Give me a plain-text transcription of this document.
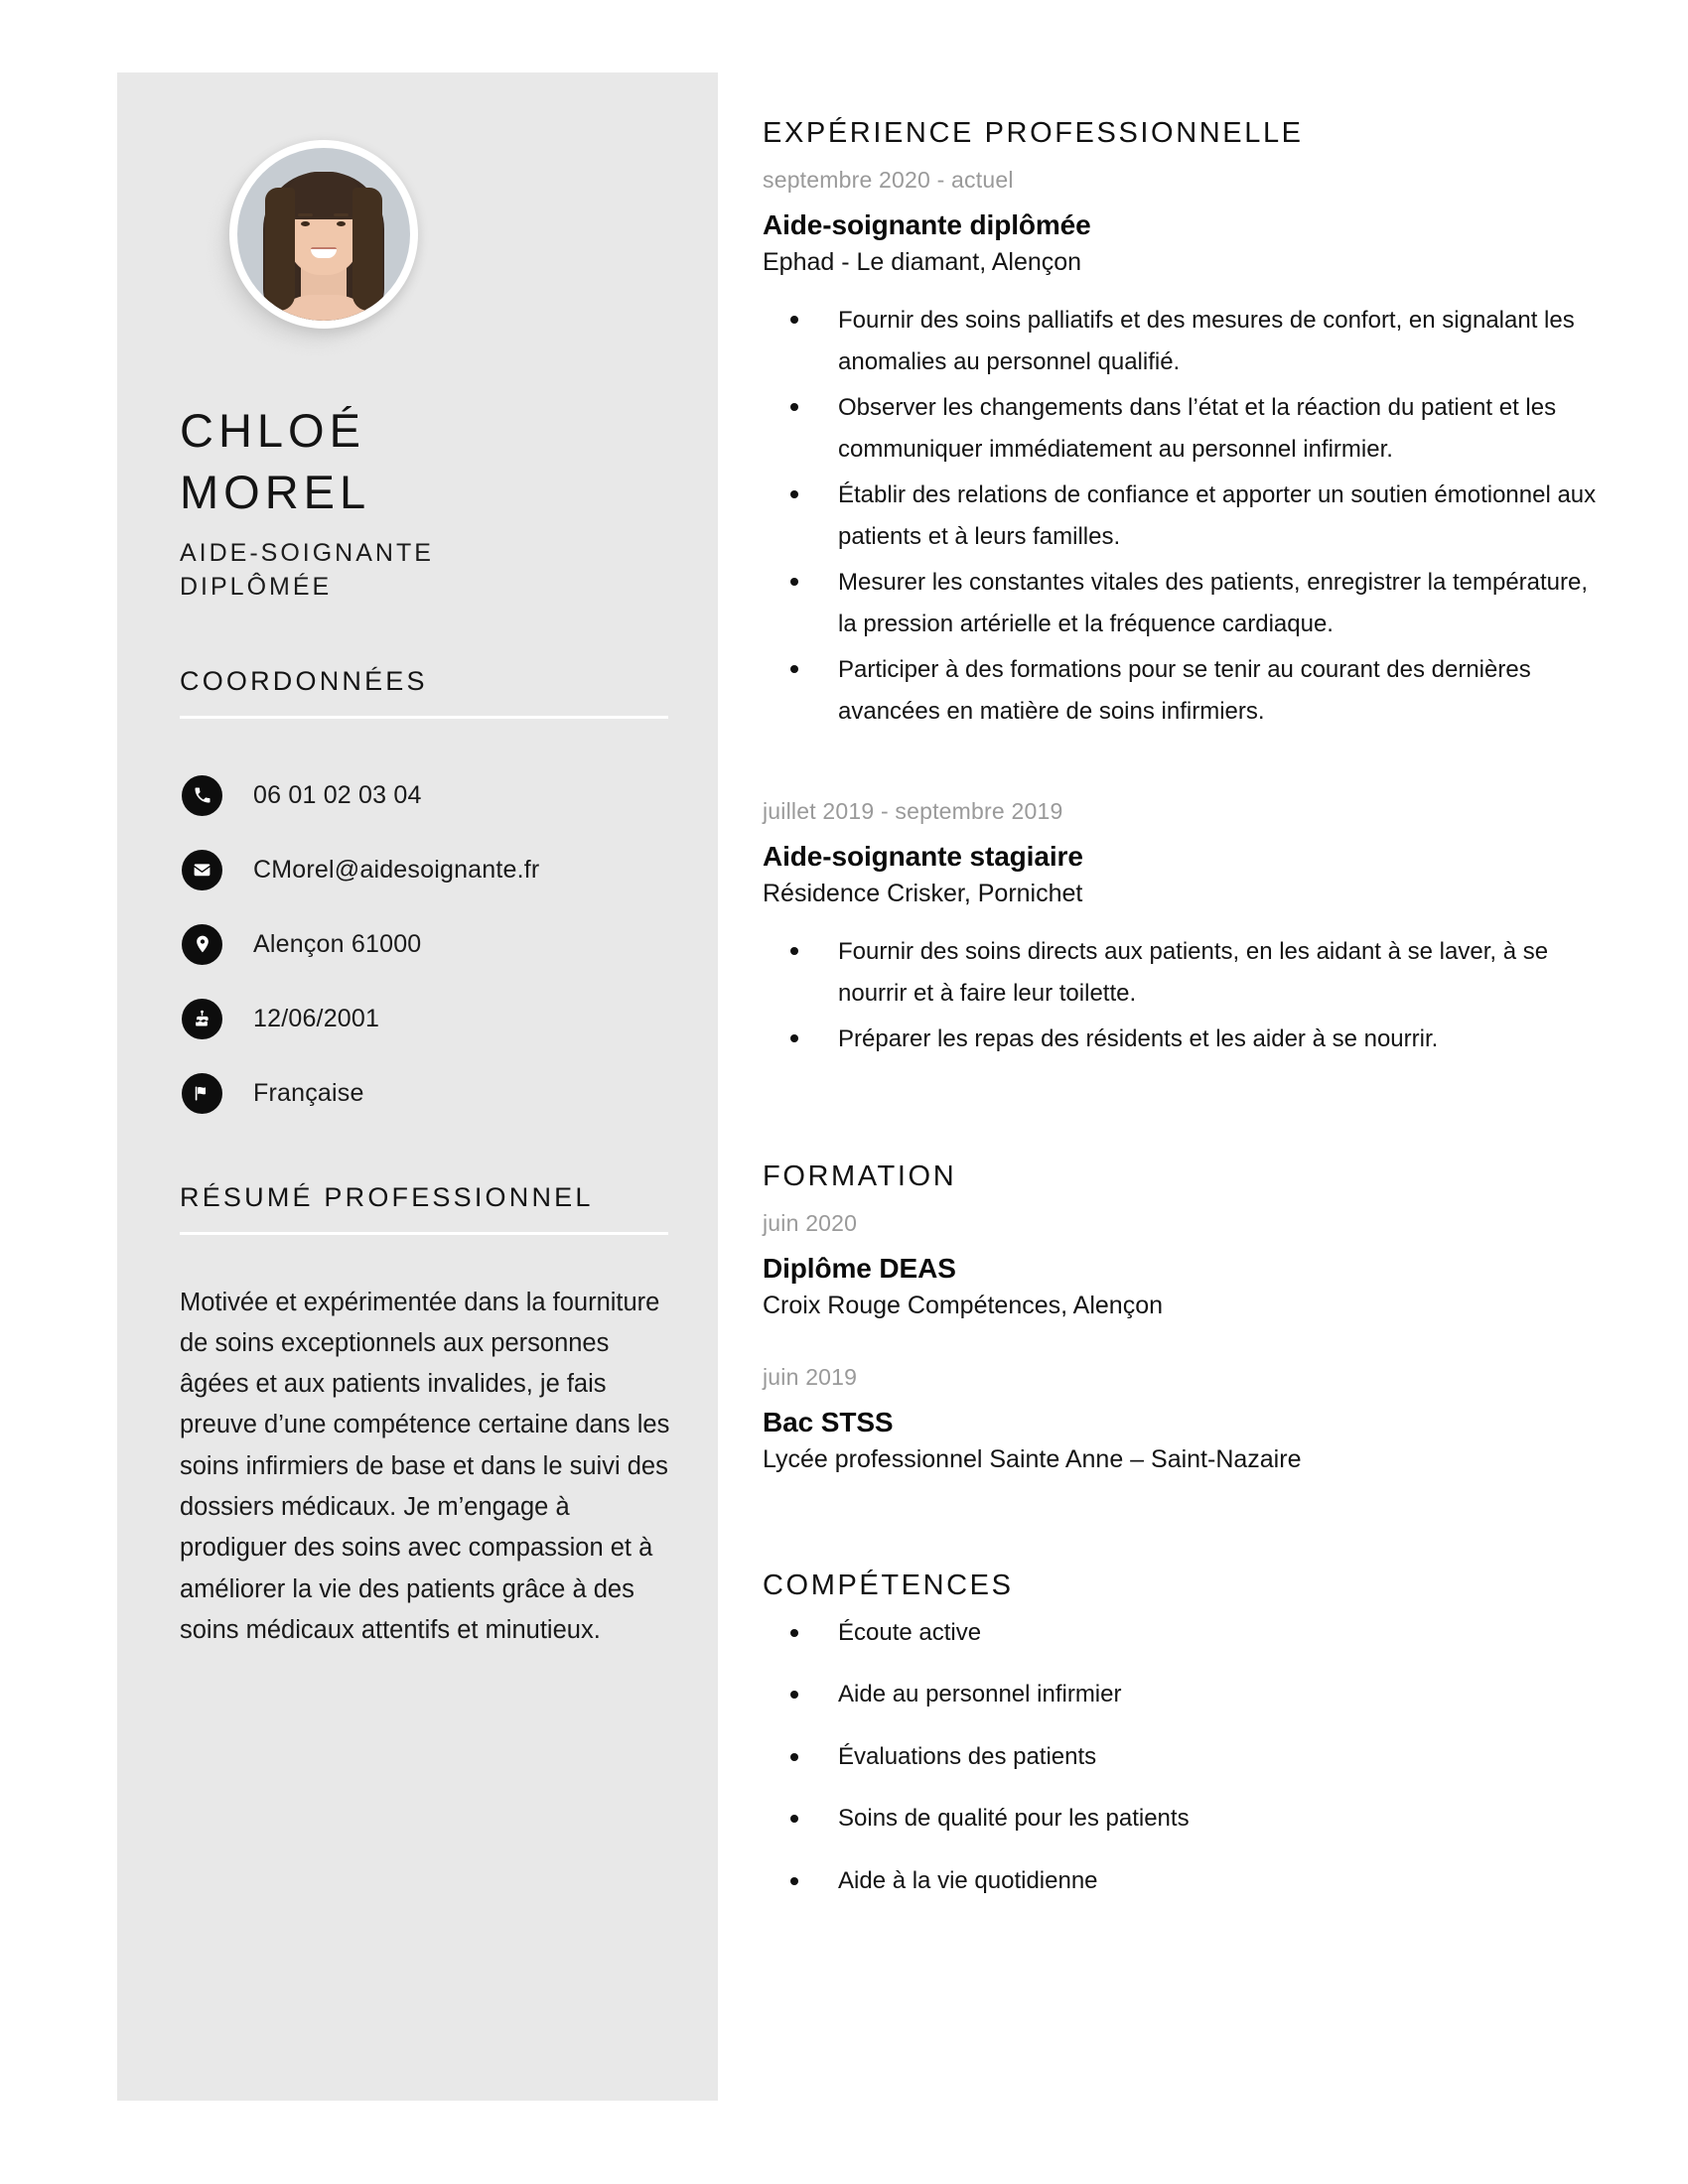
CHLOÉ
MOREL
AIDE-SOIGNANTE
DIPLÔMÉE
COORDONNÉES
06 01 02 03 04
CMorel@aidesoignante.fr
Alençon 61000
12/06/2001
Française
RÉSUMÉ PROFESSIONNEL

Motivée et expérimentée dans la fourniture de soins exceptionnels aux personnes âgées et aux patients invalides, je fais preuve d’une compétence certaine dans les soins infirmiers de base et dans le suivi des dossiers médicaux. Je m’engage à prodiguer des soins avec compassion et à améliorer la vie des patients grâce à des soins médicaux attentifs et minutieux.

EXPÉRIENCE PROFESSIONNELLE
septembre 2020 - actuel
Aide-soignante diplômée
Ephad - Le diamant, Alençon
Fournir des soins palliatifs et des mesures de confort, en signalant les anomalies au personnel qualifié.
Observer les changements dans l’état et la réaction du patient et les communiquer immédiatement au personnel infirmier.
Établir des relations de confiance et apporter un soutien émotionnel aux patients et à leurs familles.
Mesurer les constantes vitales des patients, enregistrer la température, la pression artérielle et la fréquence cardiaque.
Participer à des formations pour se tenir au courant des dernières avancées en matière de soins infirmiers.
juillet 2019 - septembre 2019
Aide-soignante stagiaire
Résidence Crisker, Pornichet
Fournir des soins directs aux patients, en les aidant à se laver, à se nourrir et à faire leur toilette.
Préparer les repas des résidents et les aider à se nourrir.
FORMATION
juin 2020
Diplôme DEAS
Croix Rouge Compétences, Alençon
juin 2019
Bac STSS
Lycée professionnel Sainte Anne – Saint-Nazaire
COMPÉTENCES
Écoute active
Aide au personnel infirmier
Évaluations des patients
Soins de qualité pour les patients
Aide à la vie quotidienne
